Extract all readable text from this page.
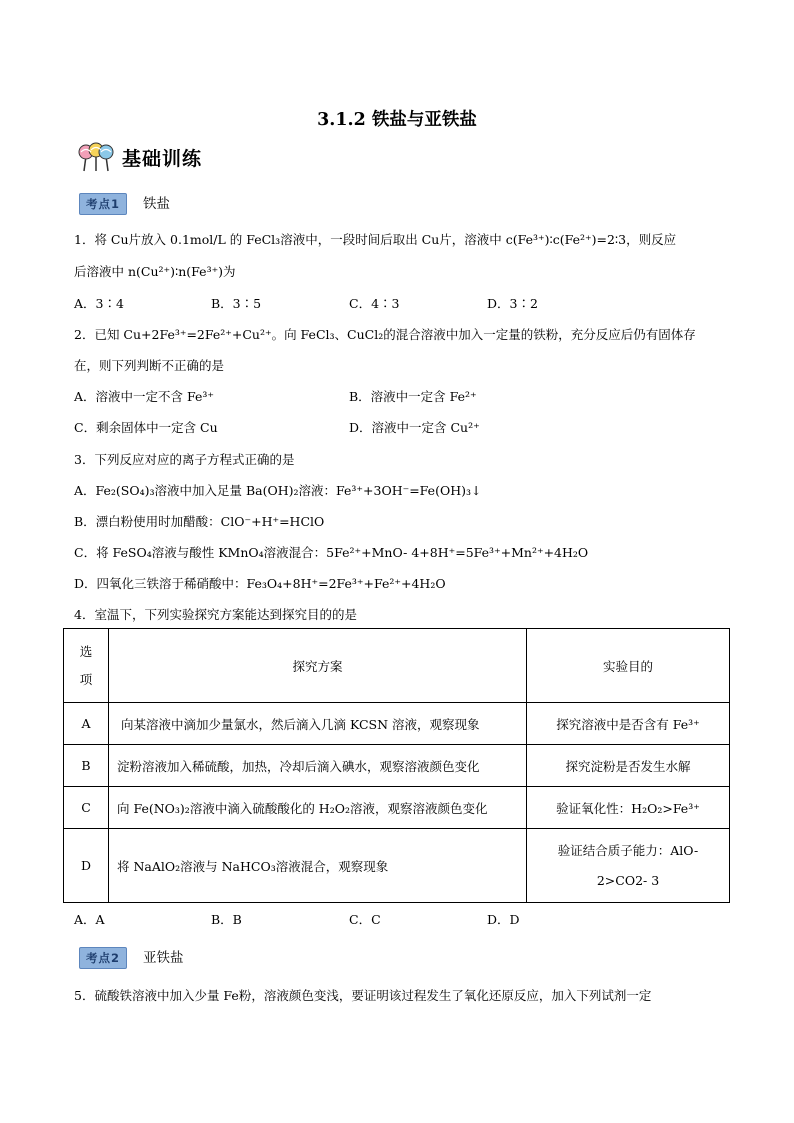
3.1.2 铁盐与亚铁盐
基础训练
考点1 铁盐
1．将 Cu片放入 0.1mol/L 的 FeCl₃溶液中，一段时间后取出 Cu片，溶液中 c(Fe³⁺)∶c(Fe²⁺)=2∶3，则反应
后溶液中 n(Cu²⁺)∶n(Fe³⁺)为
A．3∶4	B．3∶5	C．4∶3	D．3∶2
2．已知 Cu+2Fe³⁺=2Fe²⁺+Cu²⁺。向 FeCl₃、CuCl₂的混合溶液中加入一定量的铁粉，充分反应后仍有固体存
在，则下列判断不正确的是
A．溶液中一定不含 Fe³⁺	B．溶液中一定含 Fe²⁺
C．剩余固体中一定含 Cu	D．溶液中一定含 Cu²⁺
3．下列反应对应的离子方程式正确的是
A．Fe₂(SO₄)₃溶液中加入足量 Ba(OH)₂溶液：Fe³⁺+3OH⁻=Fe(OH)₃↓
B．漂白粉使用时加醋酸：ClO⁻+H⁺=HClO
C．将 FeSO₄溶液与酸性 KMnO₄溶液混合：5Fe²⁺+MnO- 4+8H⁺=5Fe³⁺+Mn²⁺+4H₂O
D．四氧化三铁溶于稀硝酸中：Fe₃O₄+8H⁺=2Fe³⁺+Fe²⁺+4H₂O
4．室温下，下列实验探究方案能达到探究目的的是
选项	探究方案	实验目的
A	向某溶液中滴加少量氯水，然后滴入几滴 KCSN 溶液，观察现象	探究溶液中是否含有 Fe³⁺
B	淀粉溶液加入稀硫酸，加热，冷却后滴入碘水，观察溶液颜色变化	探究淀粉是否发生水解
C	向 Fe(NO₃)₂溶液中滴入硫酸酸化的 H₂O₂溶液，观察溶液颜色变化	验证氧化性：H₂O₂>Fe³⁺
D	将 NaAlO₂溶液与 NaHCO₃溶液混合，观察现象	验证结合质子能力：AlO-2>CO2- 3
A．A	B．B	C．C	D．D
考点2 亚铁盐
5．硫酸铁溶液中加入少量 Fe粉，溶液颜色变浅，要证明该过程发生了氧化还原反应，加入下列试剂一定
